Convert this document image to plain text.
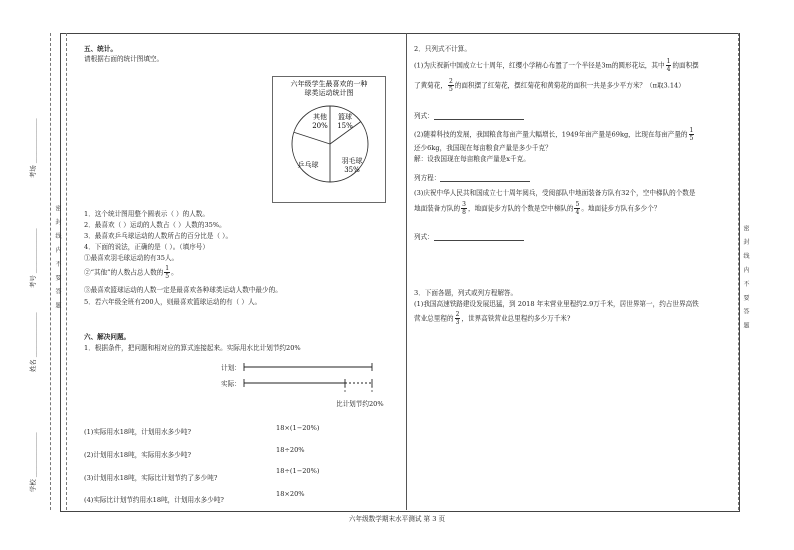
考场 ______________
考号 ______________
姓名 ______________
学校 ______________
密 封 线 内 不 要 答 题	密 封 线 内 不 要 答 题
五、统计。
请根据右面的统计图填空。
六年级学生最喜欢的一种
球类运动统计图
其他
20%
篮球
15%
羽毛球
35%
乒乓球
1．这个统计图用整个圆表示（ ）的人数。
2．最喜欢（ ）运动的人数占（ ）人数的35%。
3．最喜欢乒乓球运动的人数所占的百分比是（ ）。
4．下面的说法，正确的是（ ）。（填序号）
①最喜欢羽毛球运动的有35人。
②“其他”的人数占总人数的 $\frac{1}{5}$ 。
③最喜欢篮球运动的人数一定是最喜欢各种球类运动人数中最少的。
5．若六年级全班有200人，则最喜欢篮球运动的有（ ）人。
六、解决问题。
1．根据条件，把问题和相对应的算式连接起来。实际用水比计划节约20%
计划：
实际：
比计划节约20%
(1)实际用水18吨，计划用水多少吨?	18×(1−20%)
(2)计划用水18吨，实际用水多少吨?
18÷20%
(3)计划用水18吨，实际比计划节约了多少吨?
18÷(1−20%)
(4)实际比计划节约用水18吨，计划用水多少吨?
18×20%
2．只列式不计算。
(1)为庆祝新中国成立七十周年，红缨小学精心布置了一个半径是3m的圆形花坛，其中 $\frac{1}{4}$ 的面积摆
了黄菊花， $\frac{2}{5}$ 的面积摆了红菊花，摆红菊花和黄菊花的面积一共是多少平方米？（π取3.14）
列式：
(2)随着科技的发展，我国粮食每亩产量大幅增长，1949年亩产量是69kg，比现在每亩产量的 $\frac{1}{5}$
还少6kg，我国现在每亩粮食产量是多少千克？
解：设我国现在每亩粮食产量是x千克。
列方程：
(3)庆祝中华人民共和国成立七十周年阅兵，受阅部队中地面装备方队有32个，空中梯队的个数是
地面装备方队的 $\frac{3}{8}$ ，地面徒步方队的个数是空中梯队的 $\frac{5}{4}$ 。地面徒步方队有多少个？
列式：
3．下面各题，列式或列方程解答。
(1)我国高速铁路建设发展迅猛，到 2018 年末营业里程约2.9万千米，居世界第一，约占世界高铁
营业总里程的 $\frac{2}{3}$ ，世界高铁营业总里程约多少万千米?
六年级数学期末水平测试 第 3 页
